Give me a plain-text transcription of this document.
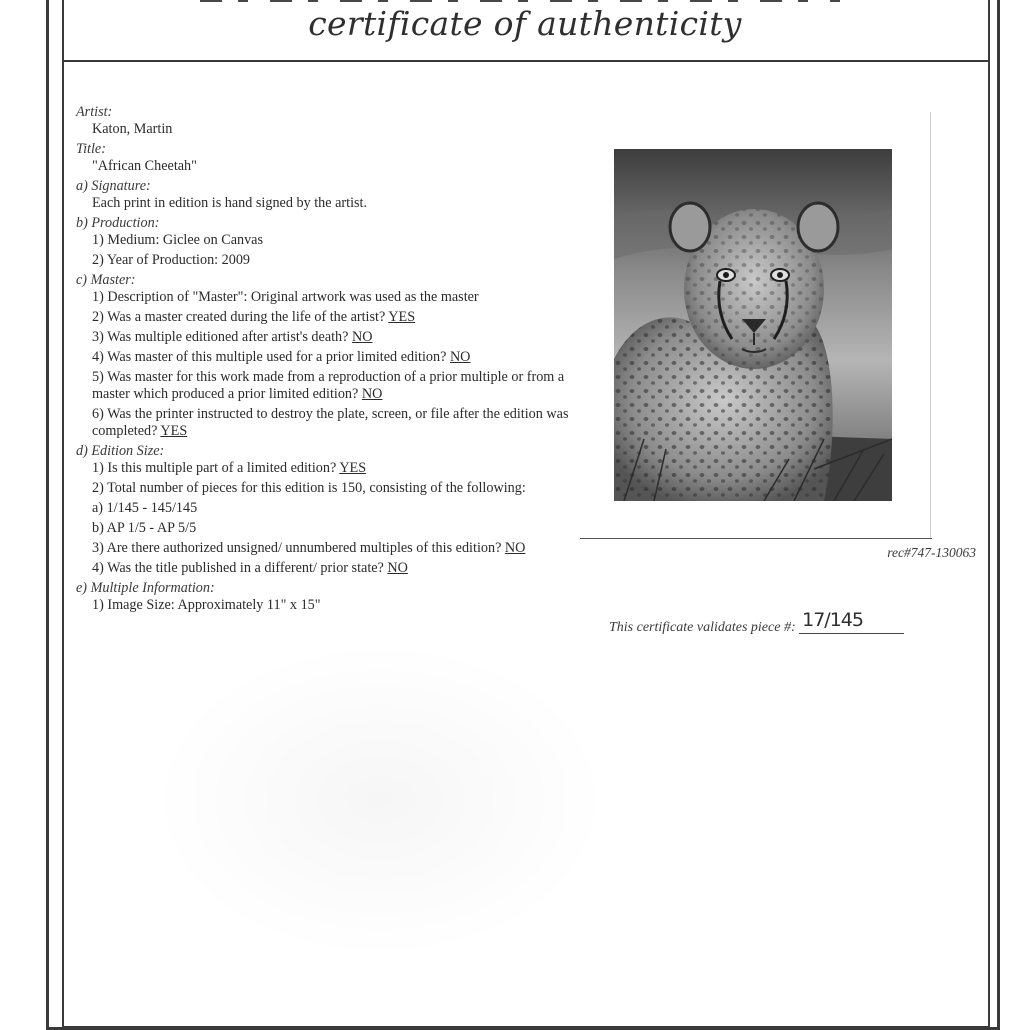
certificate of authenticity
Artist:
Katon, Martin
Title:
"African Cheetah"
a) Signature:
Each print in edition is hand signed by the artist.
b) Production:
1) Medium: Giclee on Canvas
2) Year of Production: 2009
c) Master:
1) Description of "Master": Original artwork was used as the master
2) Was a master created during the life of the artist? YES
3) Was multiple editioned after artist's death? NO
4) Was master of this multiple used for a prior limited edition? NO
5) Was master for this work made from a reproduction of a prior multiple or from a master which produced a prior limited edition? NO
6) Was the printer instructed to destroy the plate, screen, or file after the edition was completed? YES
d) Edition Size:
1) Is this multiple part of a limited edition? YES
2) Total number of pieces for this edition is 150, consisting of the following:
a) 1/145 - 145/145
b) AP 1/5 - AP 5/5
3) Are there authorized unsigned/ unnumbered multiples of this edition? NO
4) Was the title published in a different/ prior state? NO
e) Multiple Information:
1) Image Size: Approximately 11" x 15"
rec#747-130063
This certificate validates piece #: 17/145
